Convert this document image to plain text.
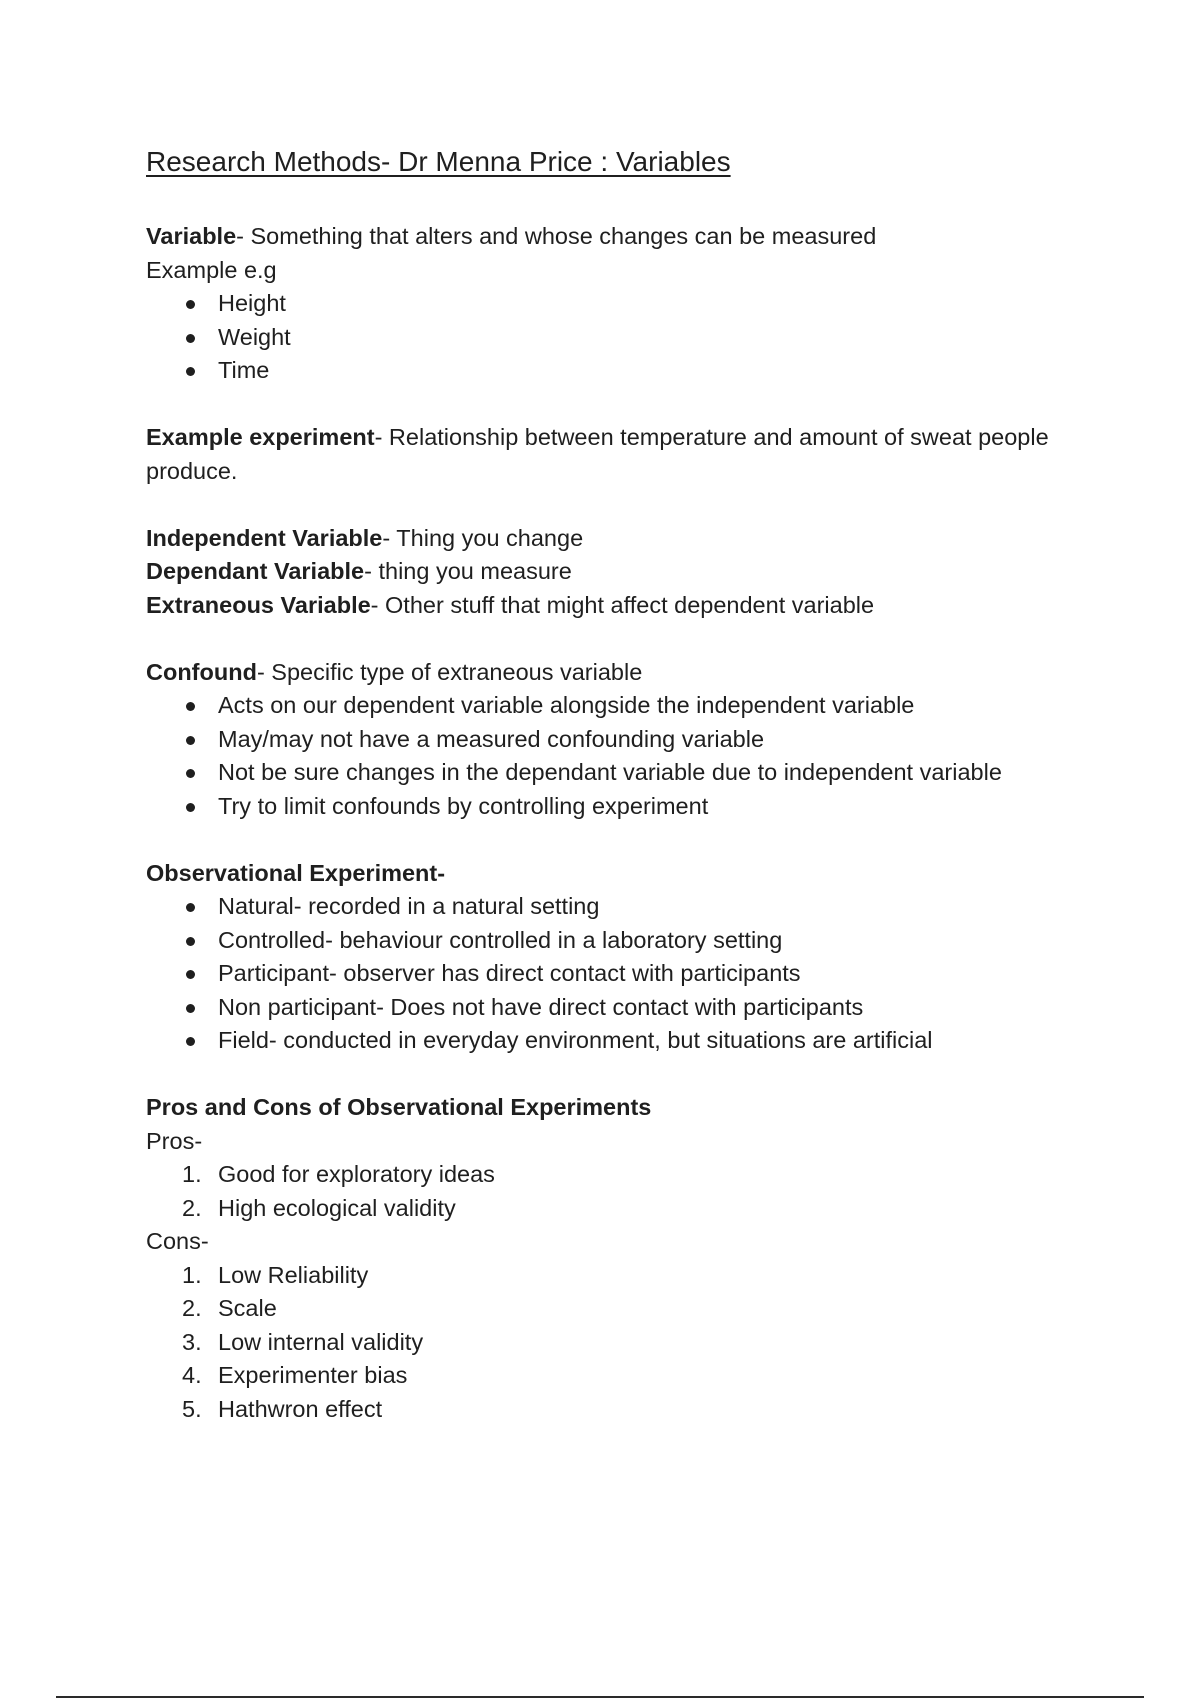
Research Methods- Dr Menna Price : Variables

Variable- Something that alters and whose changes can be measured

Example e.g

Height
Weight
Time

Example experiment- Relationship between temperature and amount of sweat people produce.

Independent Variable- Thing you change

Dependant Variable- thing you measure

Extraneous Variable- Other stuff that might affect dependent variable

Confound- Specific type of extraneous variable

Acts on our dependent variable alongside the independent variable
May/may not have a measured confounding variable
Not be sure changes in the dependant variable due to independent variable
Try to limit confounds by controlling experiment

Observational Experiment-

Natural- recorded in a natural setting
Controlled- behaviour controlled in a laboratory setting
Participant- observer has direct contact with participants
Non participant- Does not have direct contact with participants
Field- conducted in everyday environment, but situations are artificial

Pros and Cons of Observational Experiments

Pros-

1. Good for exploratory ideas
2. High ecological validity

Cons-

1. Low Reliability
2. Scale
3. Low internal validity
4. Experimenter bias
5. Hathwron effect
